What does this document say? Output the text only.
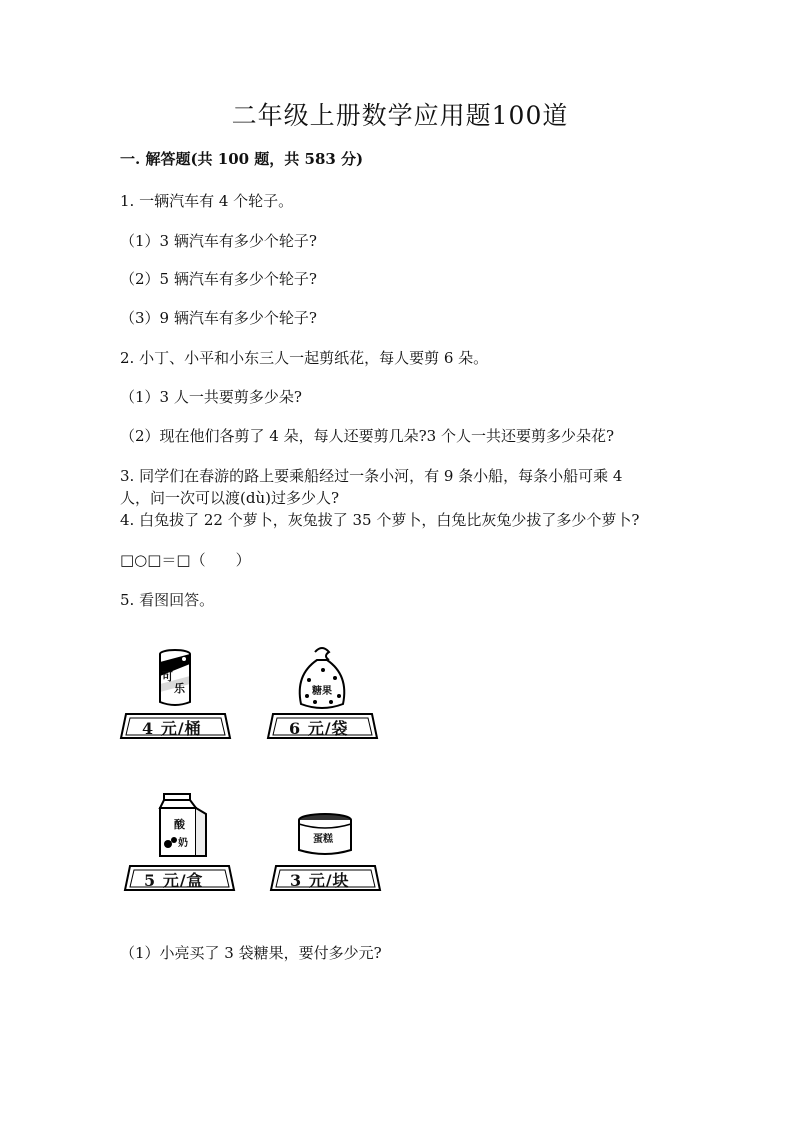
二年级上册数学应用题100道
一. 解答题(共 100 题，共 583 分)
1. 一辆汽车有 4 个轮子。
（1）3 辆汽车有多少个轮子?
（2）5 辆汽车有多少个轮子?
（3）9 辆汽车有多少个轮子?
2. 小丁、小平和小东三人一起剪纸花，每人要剪 6 朵。
（1）3 人一共要剪多少朵?
（2）现在他们各剪了 4 朵，每人还要剪几朵?3 个人一共还要剪多少朵花?
3. 同学们在春游的路上要乘船经过一条小河，有 9 条小船，每条小船可乘 4
人，问一次可以渡(dù)过多少人?
4. 白兔拔了 22 个萝卜，灰兔拔了 35 个萝卜，白兔比灰兔少拔了多少个萝卜?
□○□＝□（　　）
5. 看图回答。
可
乐
4 元/桶
糖果
6 元/袋
酸
奶
5 元/盒
蛋糕
3 元/块
（1）小亮买了 3 袋糖果，要付多少元?
